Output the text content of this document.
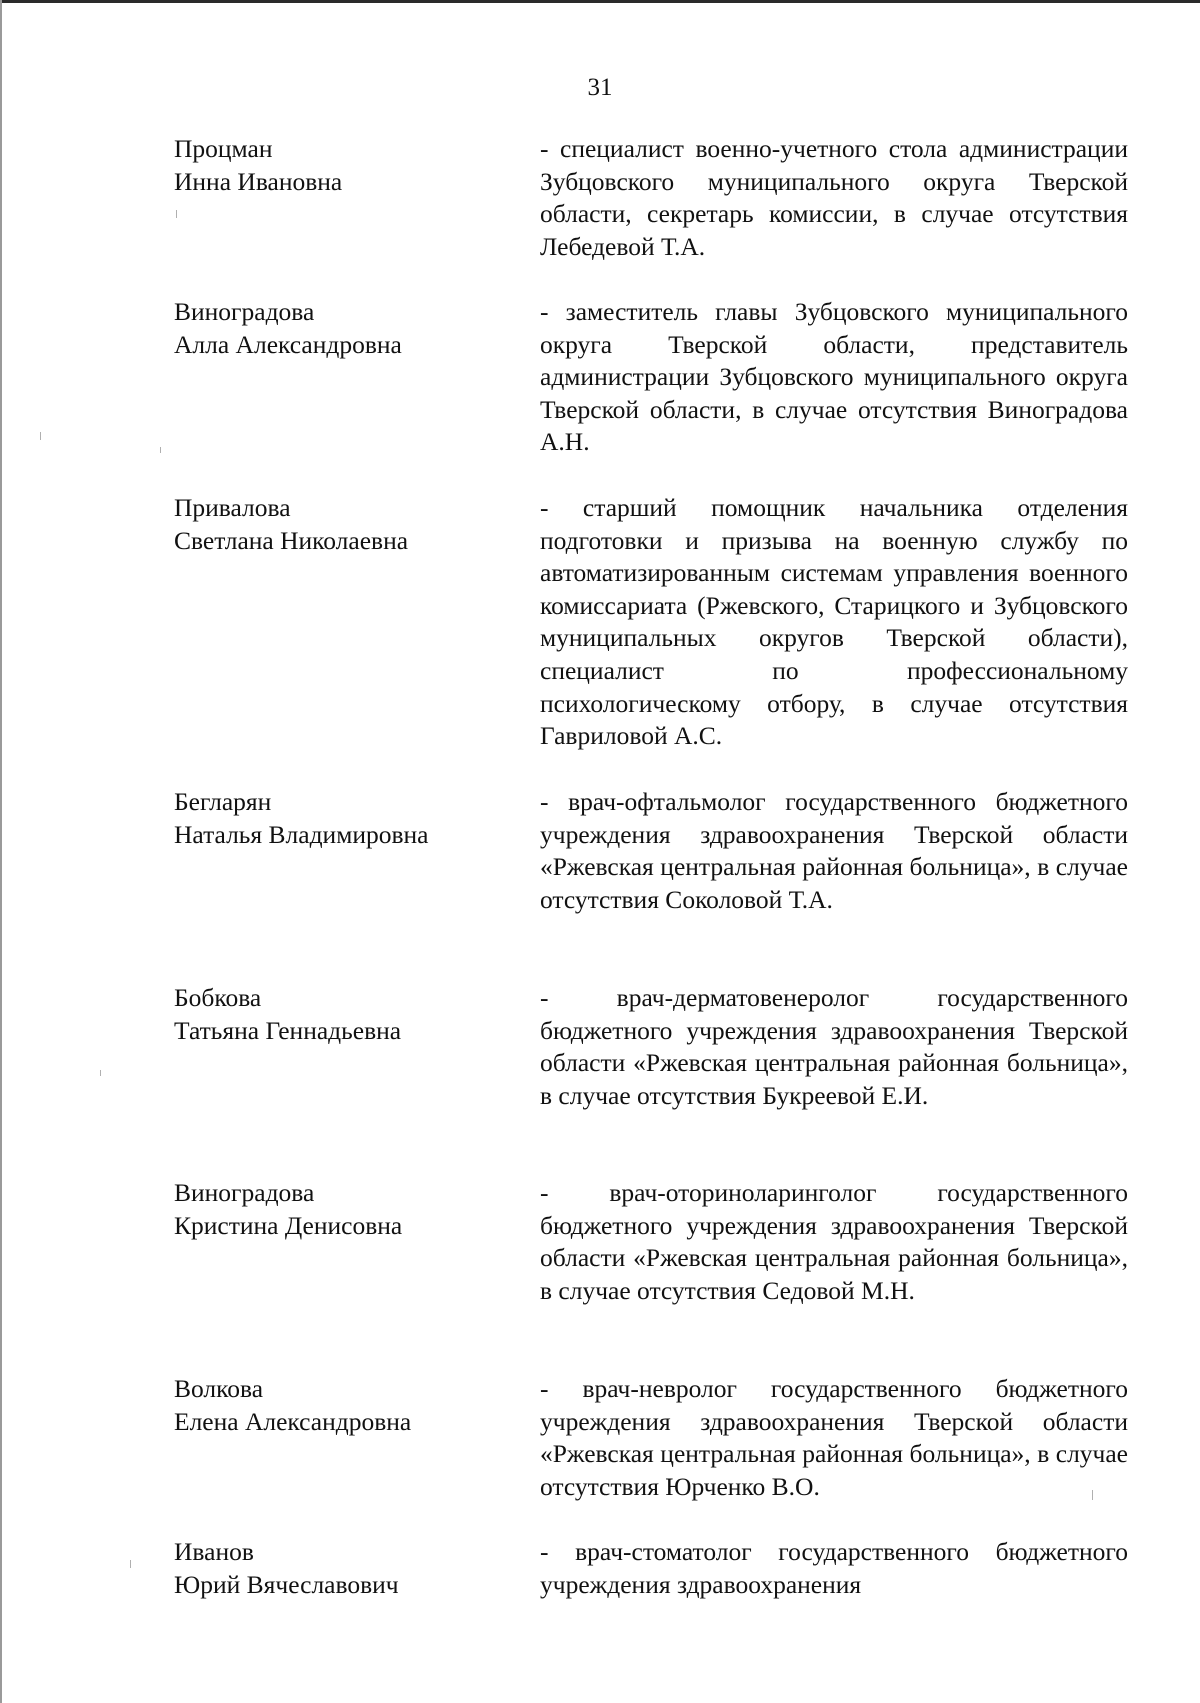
31
Процман
Инна Ивановна
- специалист военно-учетного стола администрации Зубцовского муниципального округа Тверской области, секретарь комиссии, в случае отсутствия Лебедевой Т.А.
Виноградова
Алла Александровна
- заместитель главы Зубцовского муниципального округа Тверской области, представитель администрации Зубцовского муниципального округа Тверской области, в случае отсутствия Виноградова А.Н.
Привалова
Светлана Николаевна
- старший помощник начальника отделения подготовки и призыва на военную службу по автоматизированным системам управления военного комиссариата (Ржевского, Старицкого и Зубцовского муниципальных округов Тверской области), специалист по профессиональному психологическому отбору, в случае отсутствия Гавриловой А.С.
Бегларян
Наталья Владимировна
- врач-офтальмолог государственного бюджетного учреждения здравоохранения Тверской области «Ржевская центральная районная больница», в случае отсутствия Соколовой Т.А.
Бобкова
Татьяна Геннадьевна
- врач-дерматовенеролог государственного бюджетного учреждения здравоохранения Тверской области «Ржевская центральная районная больница», в случае отсутствия Букреевой Е.И.
Виноградова
Кристина Денисовна
- врач-оториноларинголог государственного бюджетного учреждения здравоохранения Тверской области «Ржевская центральная районная больница», в случае отсутствия Седовой М.Н.
Волкова
Елена Александровна
- врач-невролог государственного бюджетного учреждения здравоохранения Тверской области «Ржевская центральная районная больница», в случае отсутствия Юрченко В.О.
Иванов
Юрий Вячеславович
- врач-стоматолог государственного бюджетного учреждения здравоохранения
